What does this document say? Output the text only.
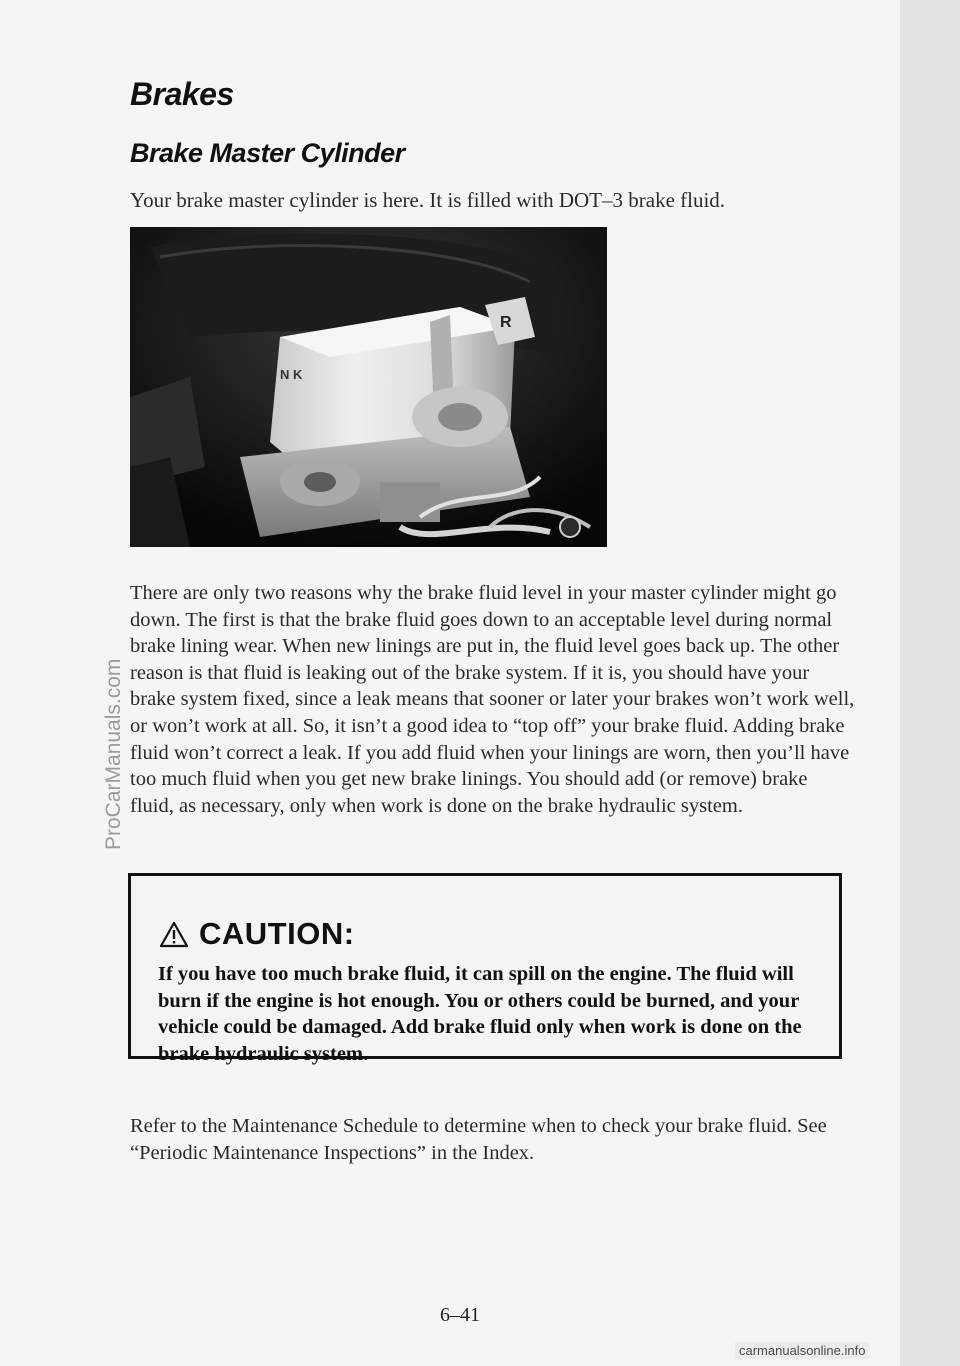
Brakes
Brake Master Cylinder

Your brake master cylinder is here. It is filled with DOT–3 brake fluid.

R
N K

There are only two reasons why the brake fluid level in your master cylinder might go down. The first is that the brake fluid goes down to an acceptable level during normal brake lining wear. When new linings are put in, the fluid level goes back up. The other reason is that fluid is leaking out of the brake system. If it is, you should have your brake system fixed, since a leak means that sooner or later your brakes won’t work well, or won’t work at all. So, it isn’t a good idea to “top off” your brake fluid. Adding brake fluid won’t correct a leak. If you add fluid when your linings are worn, then you’ll have too much fluid when you get new brake linings. You should add (or remove) brake fluid, as necessary, only when work is done on the brake hydraulic system.

CAUTION:

If you have too much brake fluid, it can spill on the engine. The fluid will burn if the engine is hot enough. You or others could be burned, and your vehicle could be damaged. Add brake fluid only when work is done on the brake hydraulic system.

Refer to the Maintenance Schedule to determine when to check your brake fluid. See “Periodic Maintenance Inspections” in the Index.

6–41
ProCarManuals.com
carmanualsonline.info
